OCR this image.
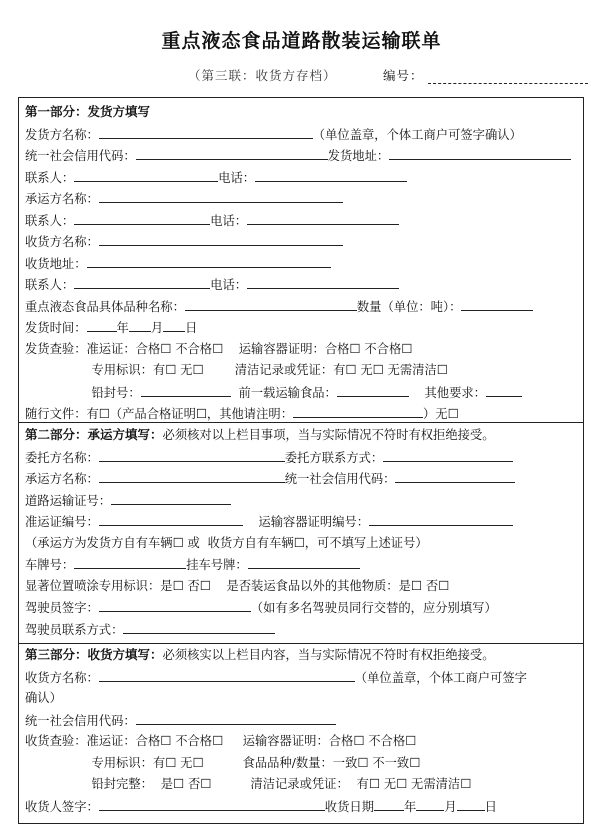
重点液态食品道路散装运输联单
（第三联：收货方存档）	编号：
第一部分：发货方填写
发货方名称：	（单位盖章，个体工商户可签字确认）
统一社会信用代码：	发货地址：
联系人：	电话：
承运方名称：
联系人：	电话：
收货方名称：
收货地址：
联系人：	电话：
重点液态食品具体品种名称：	数量（单位：吨）：
发货时间： 年 月 日
发货查验：准运证：合格☐ 不合格☐    运输容器证明：合格☐ 不合格☐
专用标识：有☐ 无☐        清洁记录或凭证：有☐ 无☐ 无需清洁☐
铅封号：	前一载运输食品：	其他要求：
随行文件：有☐（产品合格证明☐，其他请注明：	）无☐
第二部分：承运方填写：必须核对以上栏目事项，当与实际情况不符时有权拒绝接受。
委托方名称：	委托方联系方式：
承运方名称：	统一社会信用代码：
道路运输证号：
准运证编号：	运输容器证明编号：
（承运方为发货方自有车辆☐ 或  收货方自有车辆☐，可不填写上述证号）
车牌号：	挂车号牌：
显著位置喷涂专用标识：是☐ 否☐    是否装运食品以外的其他物质：是☐ 否☐
驾驶员签字：	（如有多名驾驶员同行交替的，应分别填写）
驾驶员联系方式：
第三部分：收货方填写：必须核实以上栏目内容，当与实际情况不符时有权拒绝接受。
收货方名称：	（单位盖章，个体工商户可签字
确认）
统一社会信用代码：
收货查验：准运证：合格☐ 不合格☐     运输容器证明：合格☐ 不合格☐
专用标识：有☐ 无☐          食品品种/数量：一致☐ 不一致☐
铅封完整：  是☐ 否☐          清洁记录或凭证：  有☐ 无☐ 无需清洁☐
收货人签字：	收货日期 年 月 日
